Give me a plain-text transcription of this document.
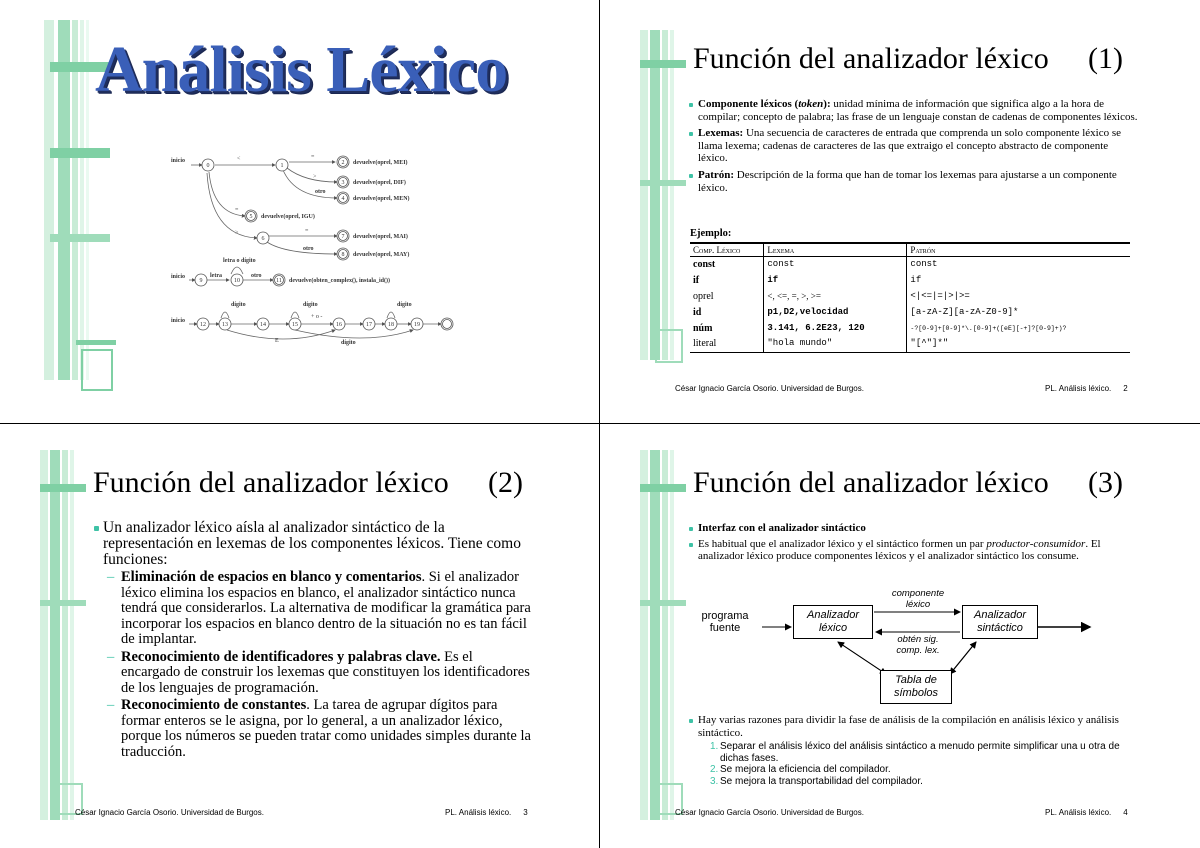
Análisis Léxico
0	1	2
3
4
5
6	7
8
9	10	11
12	13	14	15	16	17	18	19
inicio	<	=
>
otro
=
>	=
otro
devuelve(oprel, MEI)
devuelve(oprel, DIF)
devuelve(oprel, MEN)
devuelve(oprel, IGU)
devuelve(oprel, MAI)
devuelve(oprel, MAY)
inicio	letra
letra o dígito
otro
devuelve(obten_complex(), instala_id())
inicio
dígito	dígito	dígito
dígito
+ o -
E
Función del analizador léxico (1)
Componente léxicos (token): unidad mínima de información que significa algo a la hora de compilar; concepto de palabra; las frase de un lenguaje constan de cadenas de componentes léxicos.
Lexemas: Una secuencia de caracteres de entrada que comprenda un solo componente léxico se llama lexema; cadenas de caracteres de las que extraigo el concepto abstracto de componente léxico.
Patrón: Descripción de la forma que han de tomar los lexemas para ajustarse a un componente léxico.
Ejemplo:
Comp. Léxico	Lexema	Patrón
const	const	const
if	if	if
oprel	<, <=, =, >, >=	<|<=|=|>|>=
id	p1,D2,velocidad	[a-zA-Z][a-zA-Z0-9]*
núm	3.141, 6.2E23, 120	-?[0-9]+[0-9]*\.[0-9]+([eE][-+]?[0-9]+)?
literal	"hola mundo"	"[^"]*"
César Ignacio García Osorio. Universidad de Burgos.	PL. Análisis léxico. 2
Función del analizador léxico (2)
Un analizador léxico aísla al analizador sintáctico de la representación en lexemas de los componentes léxicos. Tiene como funciones:
– Eliminación de espacios en blanco y comentarios. Si el analizador léxico elimina los espacios en blanco, el analizador sintáctico nunca tendrá que considerarlos. La alternativa de modificar la gramática para incorporar los espacios en blanco dentro de la situación no es tan fácil de implantar.
– Reconocimiento de identificadores y palabras clave. Es el encargado de construir los lexemas que constituyen los identificadores de los lenguajes de programación.
– Reconocimiento de constantes. La tarea de agrupar dígitos para formar enteros se le asigna, por lo general, a un analizador léxico, porque los números se pueden tratar como unidades simples durante la traducción.
César Ignacio García Osorio. Universidad de Burgos.	PL. Análisis léxico. 3
Función del analizador léxico (3)
Interfaz con el analizador sintáctico
Es habitual que el analizador léxico y el sintáctico formen un par productor-consumidor. El analizador léxico produce componentes léxicos y el analizador sintáctico los consume.
programa
fuente
Analizador
léxico
Analizador
sintáctico
Tabla de
símbolos
componente
léxico
obtén sig.
comp. lex.
Hay varias razones para dividir la fase de análisis de la compilación en análisis léxico y análisis sintáctico.
1. Separar el análisis léxico del análisis sintáctico a menudo permite simplificar una u otra de dichas fases.
2. Se mejora la eficiencia del compilador.
3. Se mejora la transportabilidad del compilador.
César Ignacio García Osorio. Universidad de Burgos.	PL. Análisis léxico. 4
